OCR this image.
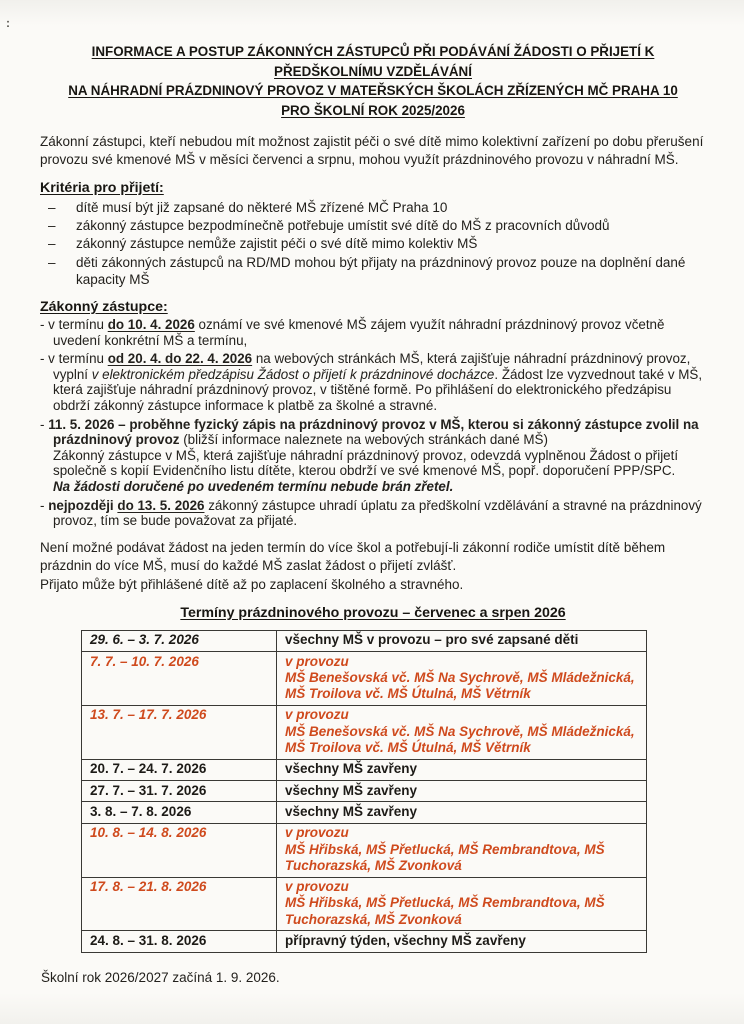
:
INFORMACE A POSTUP ZÁKONNÝCH ZÁSTUPCŮ PŘI PODÁVÁNÍ ŽÁDOSTI O PŘIJETÍ K PŘEDŠKOLNÍMU VZDĚLÁVÁNÍ
NA NÁHRADNÍ PRÁZDNINOVÝ PROVOZ V MATEŘSKÝCH ŠKOLÁCH ZŘÍZENÝCH MČ PRAHA 10
PRO ŠKOLNÍ ROK 2025/2026

Zákonní zástupci, kteří nebudou mít možnost zajistit péči o své dítě mimo kolektivní zařízení po dobu přerušení provozu své kmenové MŠ v měsíci červenci a srpnu, mohou využít prázdninového provozu v náhradní MŠ.

Kritéria pro přijetí:
–	dítě musí být již zapsané do některé MŠ zřízené MČ Praha 10
–	zákonný zástupce bezpodmínečně potřebuje umístit své dítě do MŠ z pracovních důvodů
–	zákonný zástupce nemůže zajistit péči o své dítě mimo kolektiv MŠ
–	děti zákonných zástupců na RD/MD mohou být přijaty na prázdninový provoz pouze na doplnění dané kapacity MŠ
Zákonný zástupce:

- v termínu do 10. 4. 2026 oznámí ve své kmenové MŠ zájem využít náhradní prázdninový provoz včetně uvedení konkrétní MŠ a termínu,

- v termínu od 20. 4. do 22. 4. 2026 na webových stránkách MŠ, která zajišťuje náhradní prázdninový provoz, vyplní v elektronickém předzápisu Žádost o přijetí k prázdninové docházce. Žádost lze vyzvednout také v MŠ, která zajišťuje náhradní prázdninový provoz, v tištěné formě. Po přihlášení do elektronického předzápisu obdrží zákonný zástupce informace k platbě za školné a stravné.

- 11. 5. 2026 – proběhne fyzický zápis na prázdninový provoz v MŠ, kterou si zákonný zástupce zvolil na prázdninový provoz (bližší informace naleznete na webových stránkách dané MŠ)

Zákonný zástupce v MŠ, která zajišťuje náhradní prázdninový provoz, odevzdá vyplněnou Žádost o přijetí společně s kopií Evidenčního listu dítěte, kterou obdrží ve své kmenové MŠ, popř. doporučení PPP/SPC.

Na žádosti doručené po uvedeném termínu nebude brán zřetel.

- nejpozději do 13. 5. 2026 zákonný zástupce uhradí úplatu za předškolní vzdělávání a stravné na prázdninový provoz, tím se bude považovat za přijaté.

Není možné podávat žádost na jeden termín do více škol a potřebují-li zákonní rodiče umístit dítě během prázdnin do více MŠ, musí do každé MŠ zaslat žádost o přijetí zvlášť.

Přijato může být přihlášené dítě až po zaplacení školného a stravného.

Termíny prázdninového provozu – červenec a srpen 2026
29. 6. – 3. 7. 2026	všechny MŠ v provozu – pro své zapsané děti

7. 7. – 10. 7. 2026	v provozu
MŠ Benešovská vč. MŠ Na Sychrově, MŠ Mládežnická, MŠ Troilova vč. MŠ Útulná, MŠ Větrník

13. 7. – 17. 7. 2026	v provozu
MŠ Benešovská vč. MŠ Na Sychrově, MŠ Mládežnická, MŠ Troilova vč. MŠ Útulná, MŠ Větrník

20. 7. – 24. 7. 2026	všechny MŠ zavřeny

27. 7. – 31. 7. 2026	všechny MŠ zavřeny

3. 8. – 7. 8. 2026	všechny MŠ zavřeny

10. 8. – 14. 8. 2026	v provozu
MŠ Hřibská, MŠ Přetlucká, MŠ Rembrandtova, MŠ Tuchorazská, MŠ Zvonková

17. 8. – 21. 8. 2026	v provozu
MŠ Hřibská, MŠ Přetlucká, MŠ Rembrandtova, MŠ Tuchorazská, MŠ Zvonková

24. 8. – 31. 8. 2026	přípravný týden, všechny MŠ zavřeny

Školní rok 2026/2027 začíná 1. 9. 2026.
